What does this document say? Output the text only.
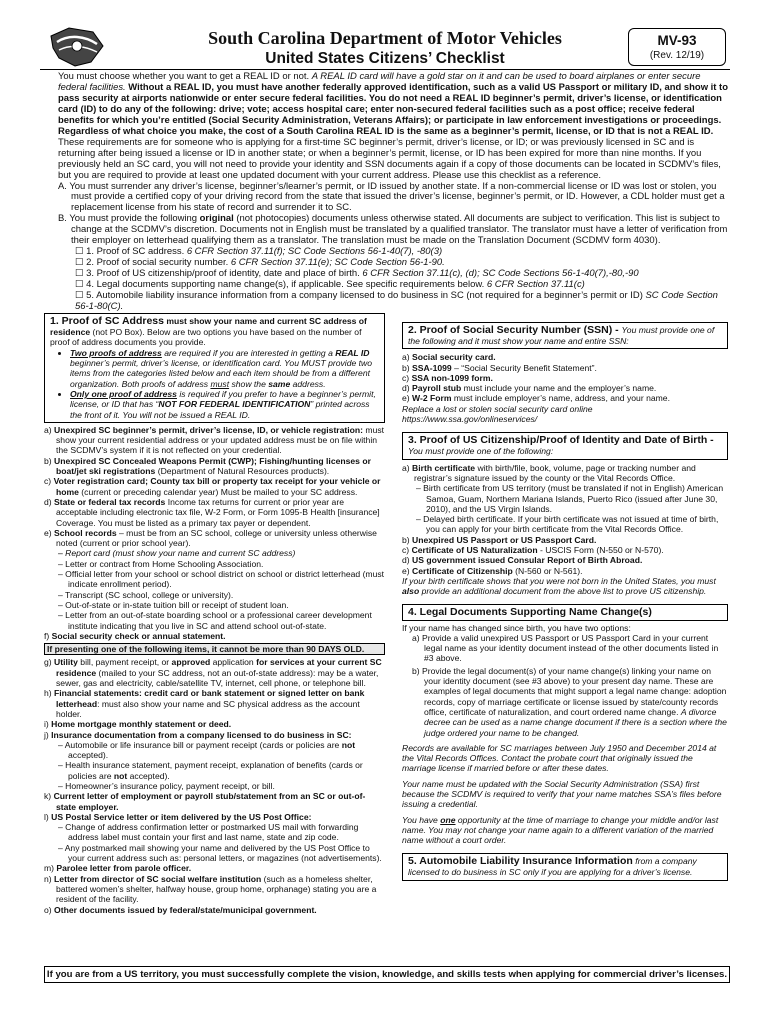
South Carolina Department of Motor Vehicles
United States Citizens’ Checklist
MV-93
(Rev. 12/19)

You must choose whether you want to get a REAL ID or not. A REAL ID card will have a gold star on it and can be used to board airplanes or enter secure federal facilities. Without a REAL ID, you must have another federally approved identification, such as a valid US Passport or military ID, and show it to pass security at airports nationwide or enter secure federal facilities. You do not need a REAL ID beginner’s permit, driver’s license, or identification card (ID) to do any of the following: drive; vote; access hospital care; enter non-secured federal facilities such as a post office; receive federal benefits for which you’re entitled (Social Security Administration, Veterans Affairs); or participate in law enforcement investigations or proceedings. Regardless of what choice you make, the cost of a South Carolina REAL ID is the same as a beginner’s permit, license, or ID that is not a REAL ID.

These requirements are for someone who is applying for a first-time SC beginner’s permit, driver’s license, or ID; or was previously licensed in SC and is returning after being issued a license or ID in another state; or when a beginner’s permit, license, or ID has been expired for more than nine months. If you previously held an SC card, you will not need to provide your identity and SSN documents again if a copy of those documents can be located in SCDMV’s files, but you are required to provide at least one updated document with your current address. Please use this checklist as a reference.

A. You must surrender any driver’s license, beginner’s/learner’s permit, or ID issued by another state. If a non-commercial license or ID was lost or stolen, you must provide a certified copy of your driving record from the state that issued the driver’s license, beginner’s permit, or ID. However, a CDL holder must get a replacement license from his state of record and surrender it to SC.

B. You must provide the following original (not photocopies) documents unless otherwise stated. All documents are subject to verification. This list is subject to change at the SCDMV’s discretion. Documents not in English must be translated by a qualified translator. The translator must have a letter of verification from their employer on letterhead qualifying them as a translator. The translation must be made on the Translation Document (SCDMV form 4030).

☐ 1. Proof of SC address. 6 CFR Section 37.11(f); SC Code Sections 56-1-40(7), -80(3)
☐ 2. Proof of social security number. 6 CFR Section 37.11(e); SC Code Section 56-1-90.
☐ 3. Proof of US citizenship/proof of identity, date and place of birth. 6 CFR Section 37.11(c), (d); SC Code Sections 56-1-40(7),-80,-90
☐ 4. Legal documents supporting name change(s), if applicable. See specific requirements below. 6 CFR Section 37.11(c)
☐ 5. Automobile liability insurance information from a company licensed to do business in SC (not required for a beginner’s permit or ID) SC Code Section 56-1-80(C).
1. Proof of SC Address must show your name and current SC address of residence (not PO Box). Below are two options you have based on the number of proof of address documents you provide.
• Two proofs of address are required if you are interested in getting a REAL ID beginner’s permit, driver’s license, or identification card. You MUST provide two items from the categories listed below and each item should be from a different organization. Both proofs of address must show the same address.
• Only one proof of address is required if you prefer to have a beginner’s permit, license, or ID that has “NOT FOR FEDERAL IDENTIFICATION” printed across the front of it. You will not be issued a REAL ID.
a) Unexpired SC beginner’s permit, driver’s license, ID, or vehicle registration: must show your current residential address or your updated address must be on file within the SCDMV’s system if it is not reflected on your credential.
b) Unexpired SC Concealed Weapons Permit (CWP); Fishing/hunting licenses or boat/jet ski registrations (Department of Natural Resources products).
c) Voter registration card; County tax bill or property tax receipt for your vehicle or home (current or preceding calendar year) Must be mailed to your SC address.
d) State or federal tax records Income tax returns for current or prior year are acceptable including electronic tax file, W-2 Form, or Form 1095-B Health [insurance] Coverage. You must be listed as a primary tax payer or dependent.
e) School records – must be from an SC school, college or university unless otherwise noted (current or prior school year).
– Report card (must show your name and current SC address)
– Letter or contract from Home Schooling Association.
– Official letter from your school or school district on school or district letterhead (must indicate enrollment period).
– Transcript (SC school, college or university).
– Out-of-state or in-state tuition bill or receipt of student loan.
– Letter from an out-of-state boarding school or a professional career development institute indicating that you live in SC and attend school out-of-state.
f) Social security check or annual statement.
If presenting one of the following items, it cannot be more than 90 DAYS OLD.
g) Utility bill, payment receipt, or approved application for services at your current SC residence (mailed to your SC address, not an out-of-state address): may be a water, sewer, gas and electricity, cable/satellite TV, internet, cell phone, or telephone bill.
h) Financial statements: credit card or bank statement or signed letter on bank letterhead: must also show your name and SC physical address as the account holder.
i) Home mortgage monthly statement or deed.
j) Insurance documentation from a company licensed to do business in SC:
– Automobile or life insurance bill or payment receipt (cards or policies are not accepted).
– Health insurance statement, payment receipt, explanation of benefits (cards or policies are not accepted).
– Homeowner’s insurance policy, payment receipt, or bill.
k) Current letter of employment or payroll stub/statement from an SC or out-of-state employer.
l) US Postal Service letter or item delivered by the US Post Office:
– Change of address confirmation letter or postmarked US mail with forwarding address label must contain your first and last name, state and zip code.
– Any postmarked mail showing your name and delivered by the US Post Office to your current address such as: personal letters, or magazines (not advertisements).
m) Parolee letter from parole officer.
n) Letter from director of SC social welfare institution (such as a homeless shelter, battered women’s shelter, halfway house, group home, orphanage) stating you are a resident of the facility.
o) Other documents issued by federal/state/municipal government.
2. Proof of Social Security Number (SSN) - You must provide one of the following and it must show your name and entire SSN:
a) Social security card.
b) SSA-1099 – “Social Security Benefit Statement”.
c) SSA non-1099 form.
d) Payroll stub must include your name and the employer’s name.
e) W-2 Form must include employer’s name, address, and your name.
Replace a lost or stolen social security card online https://www.ssa.gov/onlineservices/
3. Proof of US Citizenship/Proof of Identity and Date of Birth - You must provide one of the following:
a) Birth certificate with birth/file, book, volume, page or tracking number and registrar’s signature issued by the county or the Vital Records Office.
– Birth certificate from US territory (must be translated if not in English) American Samoa, Guam, Northern Mariana Islands, Puerto Rico (issued after June 30, 2010), and the US Virgin Islands.
– Delayed birth certificate. If your birth certificate was not issued at time of birth, you can apply for your birth certificate from the Vital Records Office.
b) Unexpired US Passport or US Passport Card.
c) Certificate of US Naturalization - USCIS Form (N-550 or N-570).
d) US government issued Consular Report of Birth Abroad.
e) Certificate of Citizenship (N-560 or N-561).
If your birth certificate shows that you were not born in the United States, you must also provide an additional document from the above list to prove US citizenship.
4. Legal Documents Supporting Name Change(s)
If your name has changed since birth, you have two options:
a) Provide a valid unexpired US Passport or US Passport Card in your current legal name as your identity document instead of the other documents listed in #3 above.
b) Provide the legal document(s) of your name change(s) linking your name on your identity document (see #3 above) to your present day name. These are examples of legal documents that might support a legal name change: adoption records, copy of marriage certificate or license issued by state/county records office, certificate of naturalization, and court ordered name change. A divorce decree can be used as a name change document if there is a section where the judge ordered your name to be changed.
Records are available for SC marriages between July 1950 and December 2014 at the Vital Records Offices. Contact the probate court that originally issued the marriage license if married before or after these dates.
Your name must be updated with the Social Security Administration (SSA) first because the SCDMV is required to verify that your name matches SSA’s files before issuing a credential.
You have one opportunity at the time of marriage to change your middle and/or last name. You may not change your name again to a different variation of the married name without a court order.
5. Automobile Liability Insurance Information from a company licensed to do business in SC only if you are applying for a driver’s license.
If you are from a US territory, you must successfully complete the vision, knowledge, and skills tests when applying for commercial driver’s licenses.
